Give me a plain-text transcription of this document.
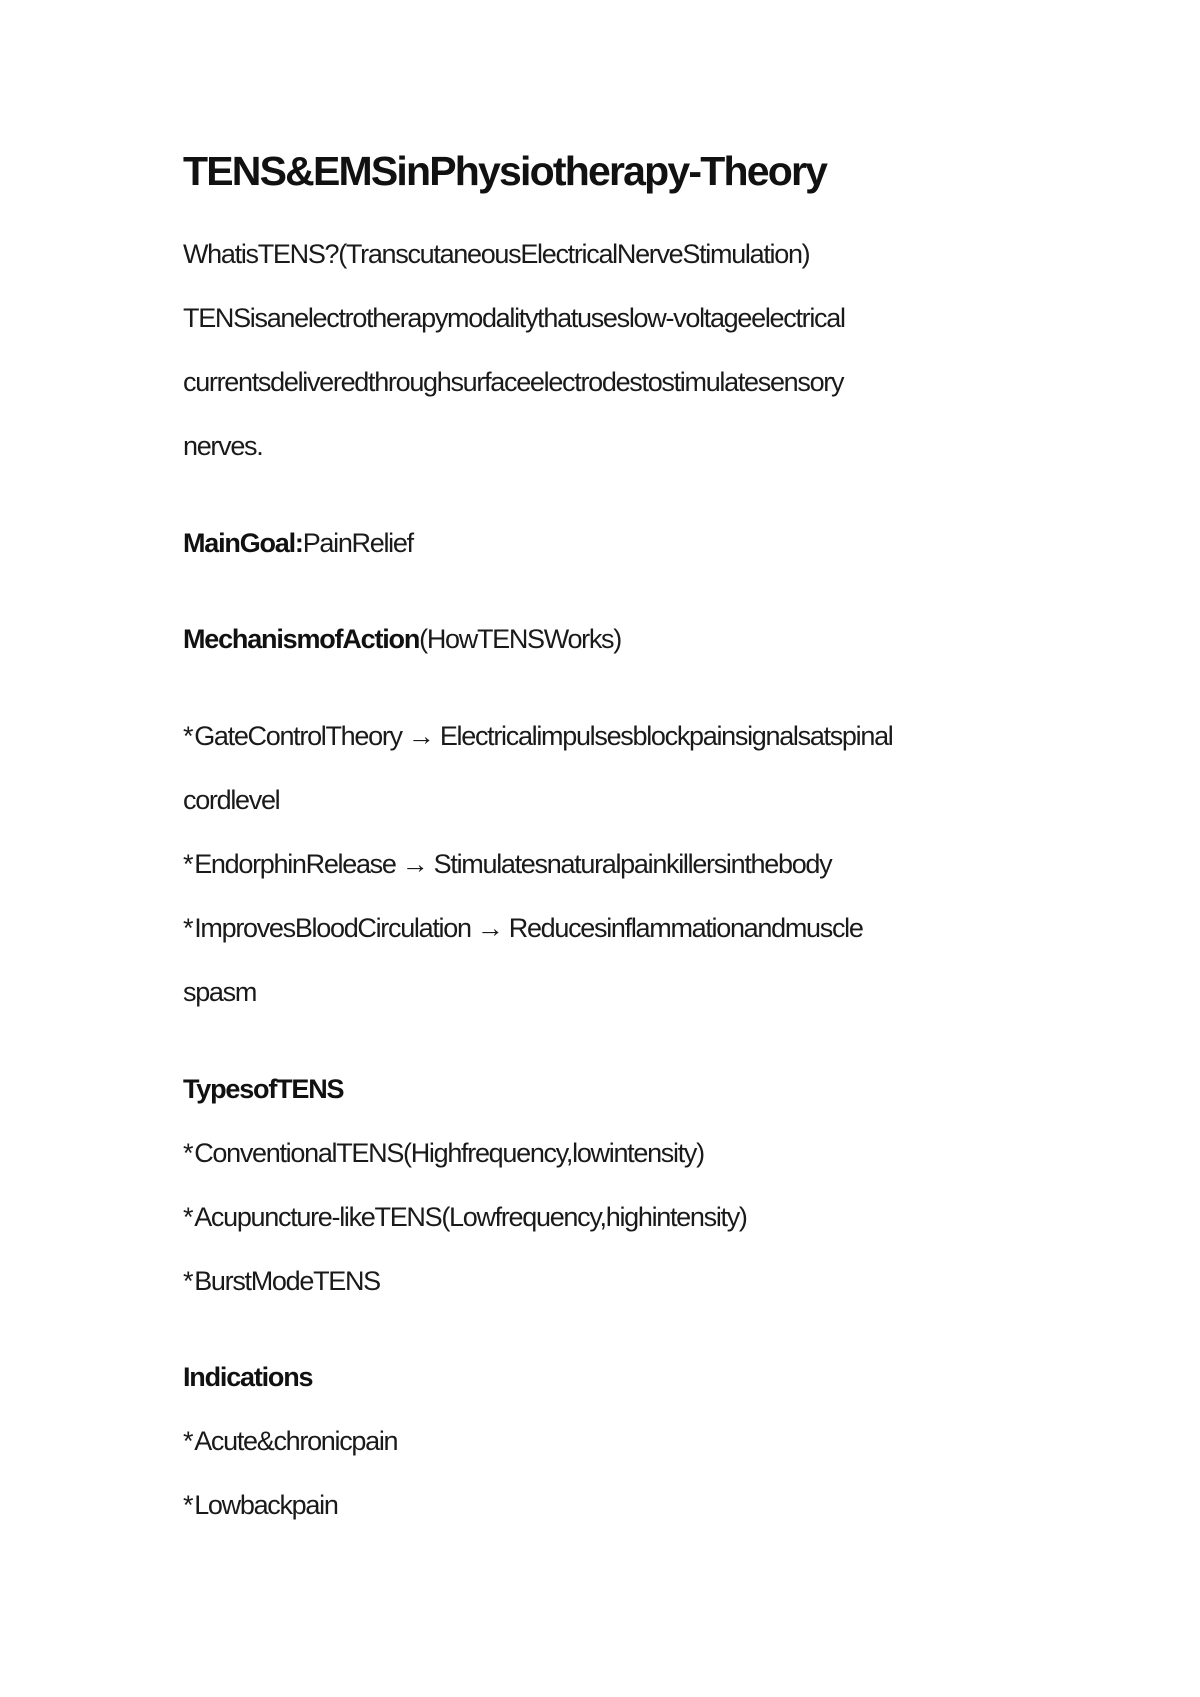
TENS&EMSinPhysiotherapy-Theory

WhatisTENS?(TranscutaneousElectricalNerveStimulation)

TENSisanelectrotherapymodalitythatuseslow-voltageelectrical

currentsdeliveredthroughsurfaceelectrodestostimulatesensory

nerves.

MainGoal:PainRelief

MechanismofAction(HowTENSWorks)

*GateControlTheory → Electricalimpulsesblockpainsignalsatspinal

cordlevel

*EndorphinRelease → Stimulatesnaturalpainkillersinthebody

*ImprovesBloodCirculation → Reducesinflammationandmuscle

spasm

TypesofTENS

*ConventionalTENS(Highfrequency,lowintensity)

*Acupuncture-likeTENS(Lowfrequency,highintensity)

*BurstModeTENS

Indications

*Acute&chronicpain

*Lowbackpain
